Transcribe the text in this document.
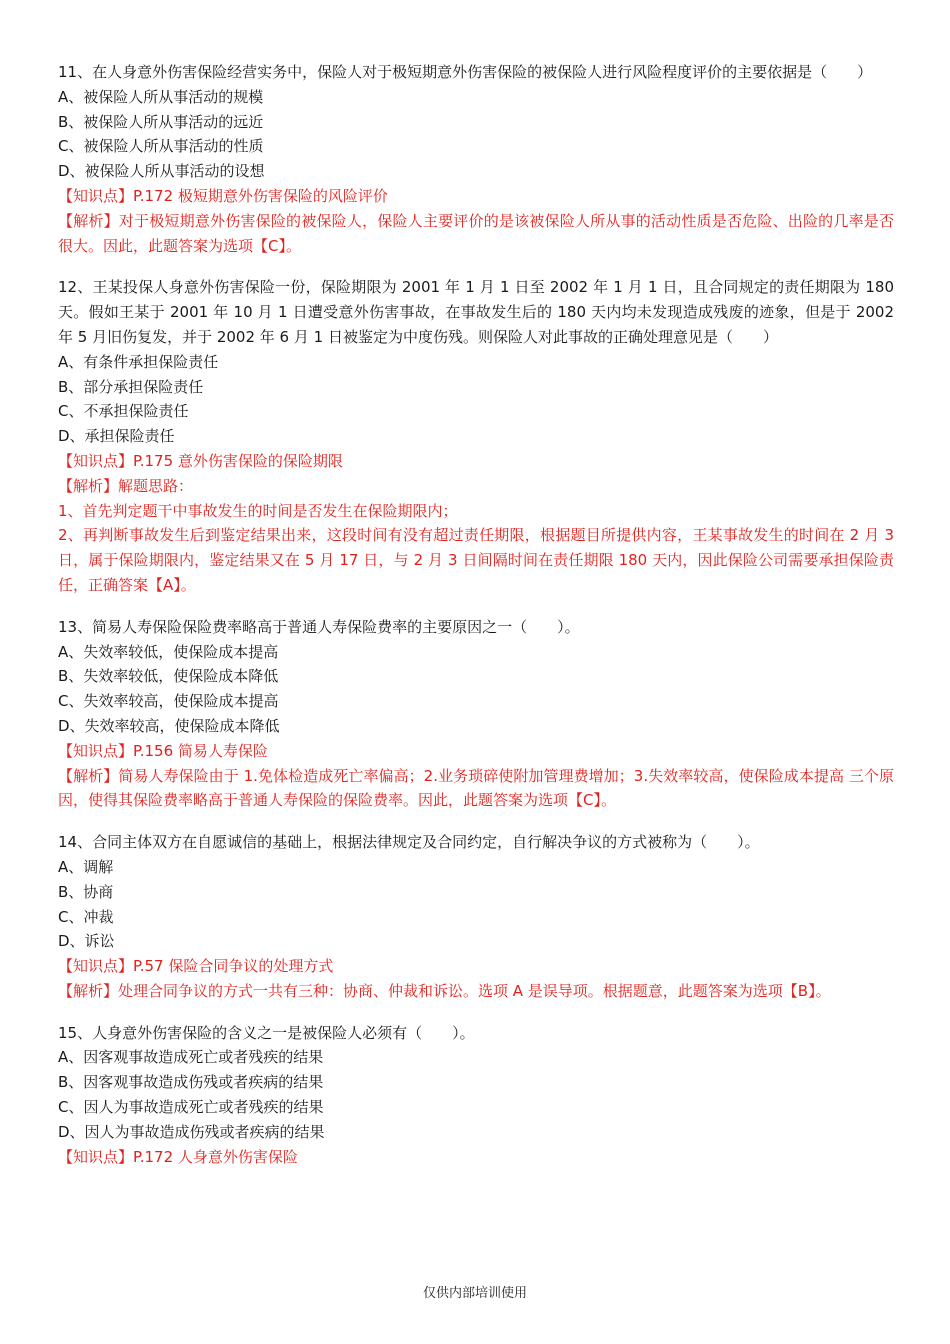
11、在人身意外伤害保险经营实务中，保险人对于极短期意外伤害保险的被保险人进行风险程度评价的主要依据是（　　）
A、被保险人所从事活动的规模
B、被保险人所从事活动的远近
C、被保险人所从事活动的性质
D、被保险人所从事活动的设想
【知识点】P.172 极短期意外伤害保险的风险评价
【解析】对于极短期意外伤害保险的被保险人，保险人主要评价的是该被保险人所从事的活动性质是否危险、出险的几率是否很大。因此，此题答案为选项【C】。
12、王某投保人身意外伤害保险一份，保险期限为 2001 年 1 月 1 日至 2002 年 1 月 1 日，且合同规定的责任期限为 180 天。假如王某于 2001 年 10 月 1 日遭受意外伤害事故，在事故发生后的 180 天内均未发现造成残废的迹象，但是于 2002 年 5 月旧伤复发，并于 2002 年 6 月 1 日被鉴定为中度伤残。则保险人对此事故的正确处理意见是（　　）
A、有条件承担保险责任
B、部分承担保险责任
C、不承担保险责任
D、承担保险责任
【知识点】P.175 意外伤害保险的保险期限
【解析】解题思路：
1、首先判定题干中事故发生的时间是否发生在保险期限内；
2、再判断事故发生后到鉴定结果出来，这段时间有没有超过责任期限，根据题目所提供内容，王某事故发生的时间在 2 月 3 日，属于保险期限内，鉴定结果又在 5 月 17 日，与 2 月 3 日间隔时间在责任期限 180 天内，因此保险公司需要承担保险责任，正确答案【A】。
13、简易人寿保险保险费率略高于普通人寿保险费率的主要原因之一（　　）。
A、失效率较低，使保险成本提高
B、失效率较低，使保险成本降低
C、失效率较高，使保险成本提高
D、失效率较高，使保险成本降低
【知识点】P.156 简易人寿保险
【解析】简易人寿保险由于 1.免体检造成死亡率偏高；2.业务琐碎使附加管理费增加；3.失效率较高，使保险成本提高 三个原因，使得其保险费率略高于普通人寿保险的保险费率。因此，此题答案为选项【C】。
14、合同主体双方在自愿诚信的基础上，根据法律规定及合同约定，自行解决争议的方式被称为（　　）。
A、调解
B、协商
C、冲裁
D、诉讼
【知识点】P.57 保险合同争议的处理方式
【解析】处理合同争议的方式一共有三种：协商、仲裁和诉讼。选项 A 是误导项。根据题意，此题答案为选项【B】。
15、人身意外伤害保险的含义之一是被保险人必须有（　　）。
A、因客观事故造成死亡或者残疾的结果
B、因客观事故造成伤残或者疾病的结果
C、因人为事故造成死亡或者残疾的结果
D、因人为事故造成伤残或者疾病的结果
【知识点】P.172 人身意外伤害保险
仅供内部培训使用
